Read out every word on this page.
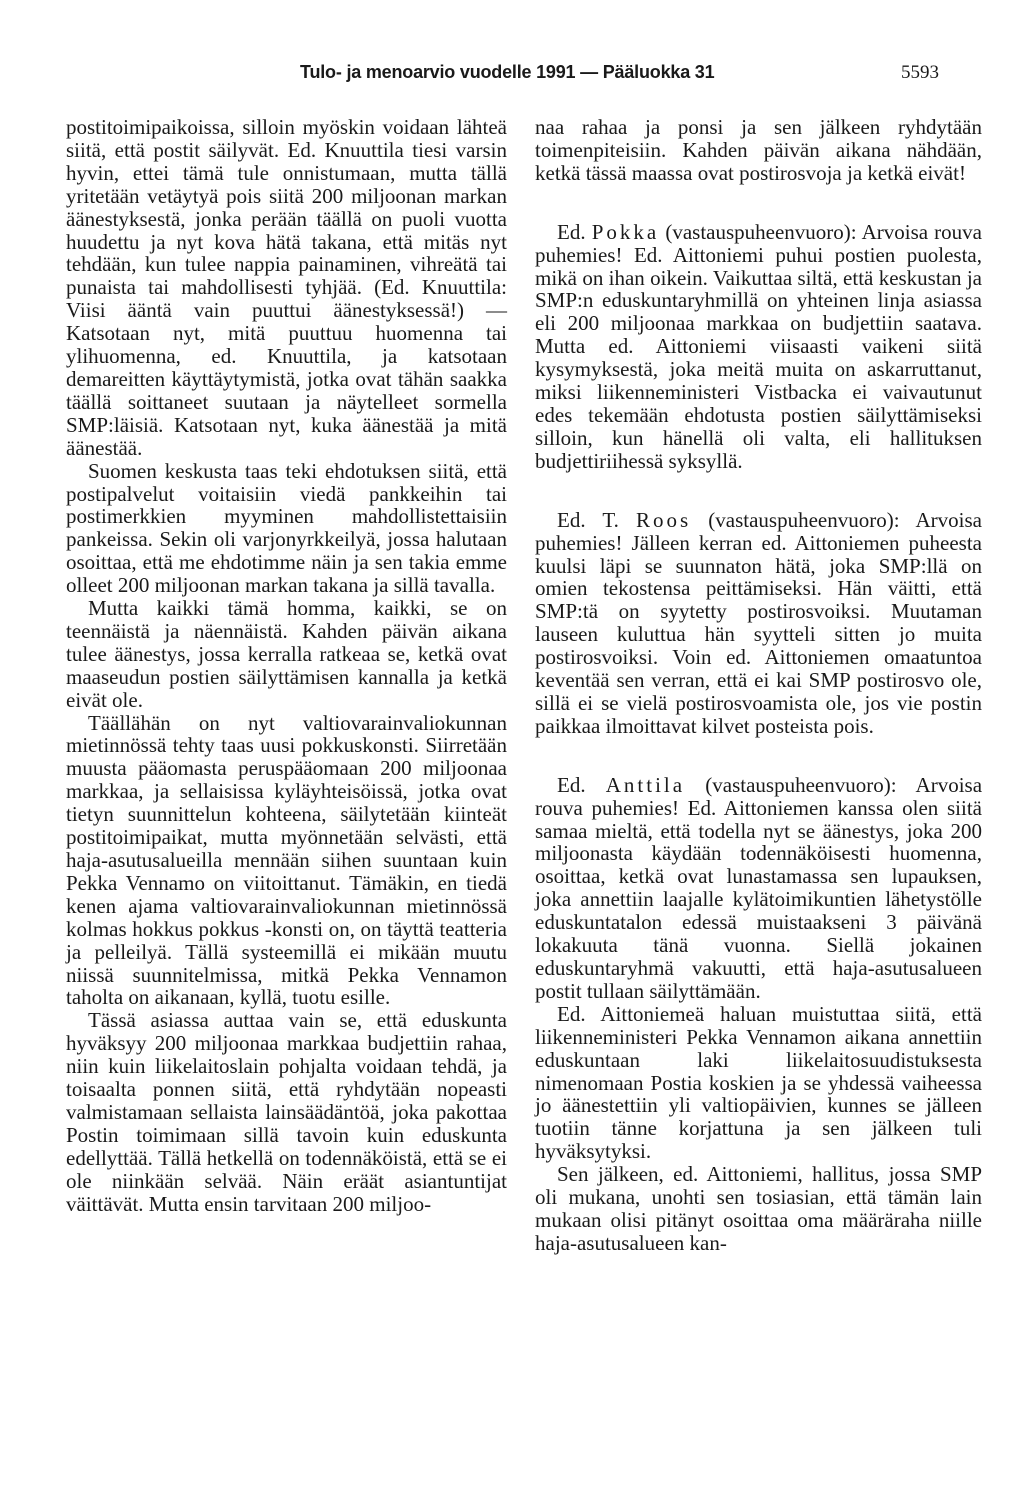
Tulo- ja menoarvio vuodelle 1991 — Pääluokka 31	5593

postitoimipaikoissa, silloin myöskin voidaan lähteä siitä, että postit säilyvät. Ed. Knuuttila tiesi varsin hyvin, ettei tämä tule onnistumaan, mutta tällä yritetään vetäytyä pois siitä 200 miljoonan markan äänestyksestä, jonka perään täällä on puoli vuotta huudettu ja nyt kova hätä takana, että mitäs nyt tehdään, kun tulee nappia painaminen, vihreätä tai punaista tai mahdollisesti tyhjää. (Ed. Knuuttila: Viisi ääntä vain puuttui äänestyksessä!) — Katsotaan nyt, mitä puuttuu huomenna tai ylihuomenna, ed. Knuuttila, ja katsotaan demareitten käyttäytymistä, jotka ovat tähän saakka täällä soittaneet suutaan ja näytelleet sormella SMP:läisiä. Katsotaan nyt, kuka äänestää ja mitä äänestää.

Suomen keskusta taas teki ehdotuksen siitä, että postipalvelut voitaisiin viedä pankkeihin tai postimerkkien myyminen mahdollistettaisiin pankeissa. Sekin oli varjonyrkkeilyä, jossa halutaan osoittaa, että me ehdotimme näin ja sen takia emme olleet 200 miljoonan markan takana ja sillä tavalla.

Mutta kaikki tämä homma, kaikki, se on teennäistä ja näennäistä. Kahden päivän aikana tulee äänestys, jossa kerralla ratkeaa se, ketkä ovat maaseudun postien säilyttämisen kannalla ja ketkä eivät ole.

Täällähän on nyt valtiovarainvaliokunnan mietinnössä tehty taas uusi pokkuskonsti. Siirretään muusta pääomasta peruspääomaan 200 miljoonaa markkaa, ja sellaisissa kyläyhteisöissä, jotka ovat tietyn suunnittelun kohteena, säilytetään kiinteät postitoimipaikat, mutta myönnetään selvästi, että haja-asutusalueilla mennään siihen suuntaan kuin Pekka Vennamo on viitoittanut. Tämäkin, en tiedä kenen ajama valtiovarainvaliokunnan mietinnössä kolmas hokkus pokkus -konsti on, on täyttä teatteria ja pelleilyä. Tällä systeemillä ei mikään muutu niissä suunnitelmissa, mitkä Pekka Vennamon taholta on aikanaan, kyllä, tuotu esille.

Tässä asiassa auttaa vain se, että eduskunta hyväksyy 200 miljoonaa markkaa budjettiin rahaa, niin kuin liikelaitoslain pohjalta voidaan tehdä, ja toisaalta ponnen siitä, että ryhdytään nopeasti valmistamaan sellaista lainsäädäntöä, joka pakottaa Postin toimimaan sillä tavoin kuin eduskunta edellyttää. Tällä hetkellä on todennäköistä, että se ei ole niinkään selvää. Näin eräät asiantuntijat väittävät. Mutta ensin tarvitaan 200 miljoo-

naa rahaa ja ponsi ja sen jälkeen ryhdytään toimenpiteisiin. Kahden päivän aikana nähdään, ketkä tässä maassa ovat postirosvoja ja ketkä eivät!

Ed. Pokka (vastauspuheenvuoro): Arvoisa rouva puhemies! Ed. Aittoniemi puhui postien puolesta, mikä on ihan oikein. Vaikuttaa siltä, että keskustan ja SMP:n eduskuntaryhmillä on yhteinen linja asiassa eli 200 miljoonaa markkaa on budjettiin saatava. Mutta ed. Aittoniemi viisaasti vaikeni siitä kysymyksestä, joka meitä muita on askarruttanut, miksi liikenneministeri Vistbacka ei vaivautunut edes tekemään ehdotusta postien säilyttämiseksi silloin, kun hänellä oli valta, eli hallituksen budjettiriihessä syksyllä.

Ed. T. Roos (vastauspuheenvuoro): Arvoisa puhemies! Jälleen kerran ed. Aittoniemen puheesta kuulsi läpi se suunnaton hätä, joka SMP:llä on omien tekostensa peittämiseksi. Hän väitti, että SMP:tä on syytetty postirosvoiksi. Muutaman lauseen kuluttua hän syytteli sitten jo muita postirosvoiksi. Voin ed. Aittoniemen omaatuntoa keventää sen verran, että ei kai SMP postirosvo ole, sillä ei se vielä postirosvoamista ole, jos vie postin paikkaa ilmoittavat kilvet posteista pois.

Ed. Anttila (vastauspuheenvuoro): Arvoisa rouva puhemies! Ed. Aittoniemen kanssa olen siitä samaa mieltä, että todella nyt se äänestys, joka 200 miljoonasta käydään todennäköisesti huomenna, osoittaa, ketkä ovat lunastamassa sen lupauksen, joka annettiin laajalle kylätoimikuntien lähetystölle eduskuntatalon edessä muistaakseni 3 päivänä lokakuuta tänä vuonna. Siellä jokainen eduskuntaryhmä vakuutti, että haja-asutusalueen postit tullaan säilyttämään.

Ed. Aittoniemeä haluan muistuttaa siitä, että liikenneministeri Pekka Vennamon aikana annettiin eduskuntaan laki liikelaitosuudistuksesta nimenomaan Postia koskien ja se yhdessä vaiheessa jo äänestettiin yli valtiopäivien, kunnes se jälleen tuotiin tänne korjattuna ja sen jälkeen tuli hyväksytyksi.

Sen jälkeen, ed. Aittoniemi, hallitus, jossa SMP oli mukana, unohti sen tosiasian, että tämän lain mukaan olisi pitänyt osoittaa oma määräraha niille haja-asutusalueen kan-
